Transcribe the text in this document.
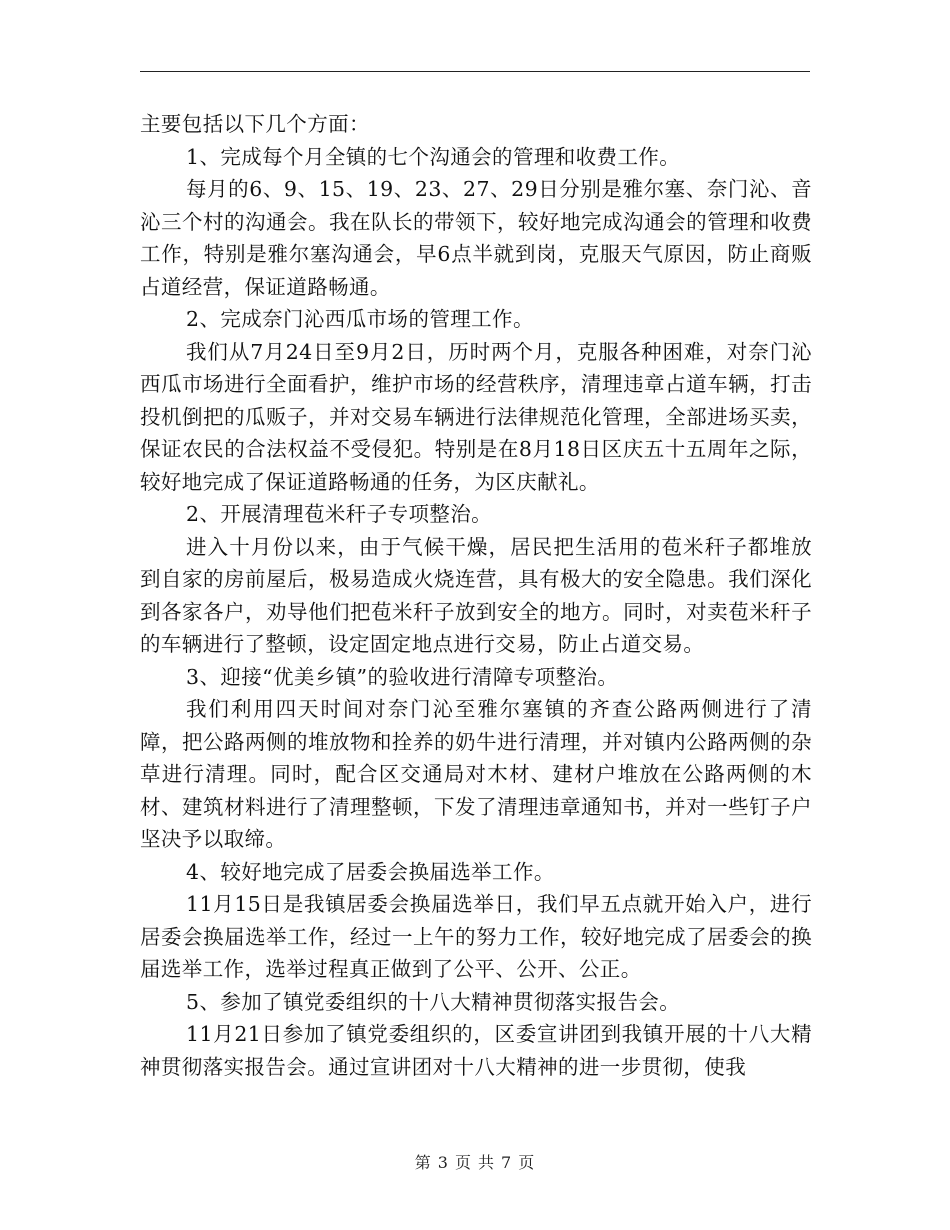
主要包括以下几个方面：

1、完成每个月全镇的七个沟通会的管理和收费工作。

每月的6、9、15、19、23、27、29日分别是雅尔塞、奈门沁、音沁三个村的沟通会。我在队长的带领下，较好地完成沟通会的管理和收费工作，特别是雅尔塞沟通会，早6点半就到岗，克服天气原因，防止商贩占道经营，保证道路畅通。

2、完成奈门沁西瓜市场的管理工作。

我们从7月24日至9月2日，历时两个月，克服各种困难，对奈门沁西瓜市场进行全面看护，维护市场的经营秩序，清理违章占道车辆，打击投机倒把的瓜贩子，并对交易车辆进行法律规范化管理，全部进场买卖，保证农民的合法权益不受侵犯。特别是在8月18日区庆五十五周年之际，较好地完成了保证道路畅通的任务，为区庆献礼。

2、开展清理苞米秆子专项整治。

进入十月份以来，由于气候干燥，居民把生活用的苞米秆子都堆放到自家的房前屋后，极易造成火烧连营，具有极大的安全隐患。我们深化到各家各户，劝导他们把苞米秆子放到安全的地方。同时，对卖苞米秆子的车辆进行了整顿，设定固定地点进行交易，防止占道交易。

3、迎接“优美乡镇”的验收进行清障专项整治。

我们利用四天时间对奈门沁至雅尔塞镇的齐查公路两侧进行了清障，把公路两侧的堆放物和拴养的奶牛进行清理，并对镇内公路两侧的杂草进行清理。同时，配合区交通局对木材、建材户堆放在公路两侧的木材、建筑材料进行了清理整顿，下发了清理违章通知书，并对一些钉子户坚决予以取缔。

4、较好地完成了居委会换届选举工作。

11月15日是我镇居委会换届选举日，我们早五点就开始入户，进行居委会换届选举工作，经过一上午的努力工作，较好地完成了居委会的换届选举工作，选举过程真正做到了公平、公开、公正。

5、参加了镇党委组织的十八大精神贯彻落实报告会。

11月21日参加了镇党委组织的，区委宣讲团到我镇开展的十八大精神贯彻落实报告会。通过宣讲团对十八大精神的进一步贯彻，使我

第 3 页 共 7 页
